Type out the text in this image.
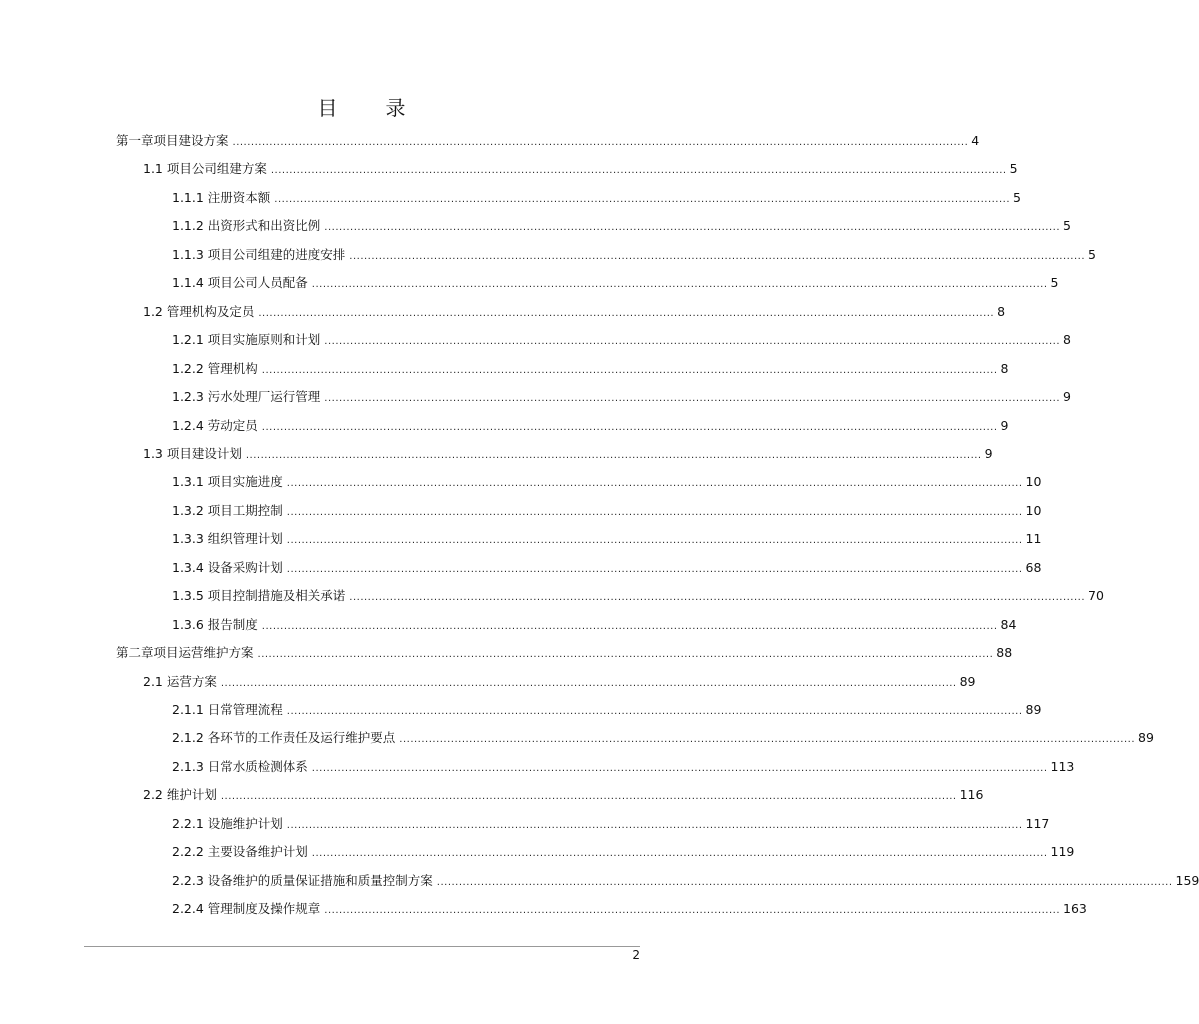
目 录
第一章项目建设方案 ........................................................................................................................................................................................................ 4
1.1 项目公司组建方案 ........................................................................................................................................................................................................ 5
1.1.1 注册资本额 ........................................................................................................................................................................................................ 5
1.1.2 出资形式和出资比例 ........................................................................................................................................................................................................ 5
1.1.3 项目公司组建的进度安排 ........................................................................................................................................................................................................ 5
1.1.4 项目公司人员配备 ........................................................................................................................................................................................................ 5
1.2 管理机构及定员 ........................................................................................................................................................................................................ 8
1.2.1 项目实施原则和计划 ........................................................................................................................................................................................................ 8
1.2.2 管理机构 ........................................................................................................................................................................................................ 8
1.2.3 污水处理厂运行管理 ........................................................................................................................................................................................................ 9
1.2.4 劳动定员 ........................................................................................................................................................................................................ 9
1.3 项目建设计划 ........................................................................................................................................................................................................ 9
1.3.1 项目实施进度 ........................................................................................................................................................................................................ 10
1.3.2 项目工期控制 ........................................................................................................................................................................................................ 10
1.3.3 组织管理计划 ........................................................................................................................................................................................................ 11
1.3.4 设备采购计划 ........................................................................................................................................................................................................ 68
1.3.5 项目控制措施及相关承诺 ........................................................................................................................................................................................................ 70
1.3.6 报告制度 ........................................................................................................................................................................................................ 84
第二章项目运营维护方案 ........................................................................................................................................................................................................ 88
2.1 运营方案 ........................................................................................................................................................................................................ 89
2.1.1 日常管理流程 ........................................................................................................................................................................................................ 89
2.1.2 各环节的工作责任及运行维护要点 ........................................................................................................................................................................................................ 89
2.1.3 日常水质检测体系 ........................................................................................................................................................................................................ 113
2.2 维护计划 ........................................................................................................................................................................................................ 116
2.2.1 设施维护计划 ........................................................................................................................................................................................................ 117
2.2.2 主要设备维护计划 ........................................................................................................................................................................................................ 119
2.2.3 设备维护的质量保证措施和质量控制方案 ........................................................................................................................................................................................................ 159
2.2.4 管理制度及操作规章 ........................................................................................................................................................................................................ 163
2
